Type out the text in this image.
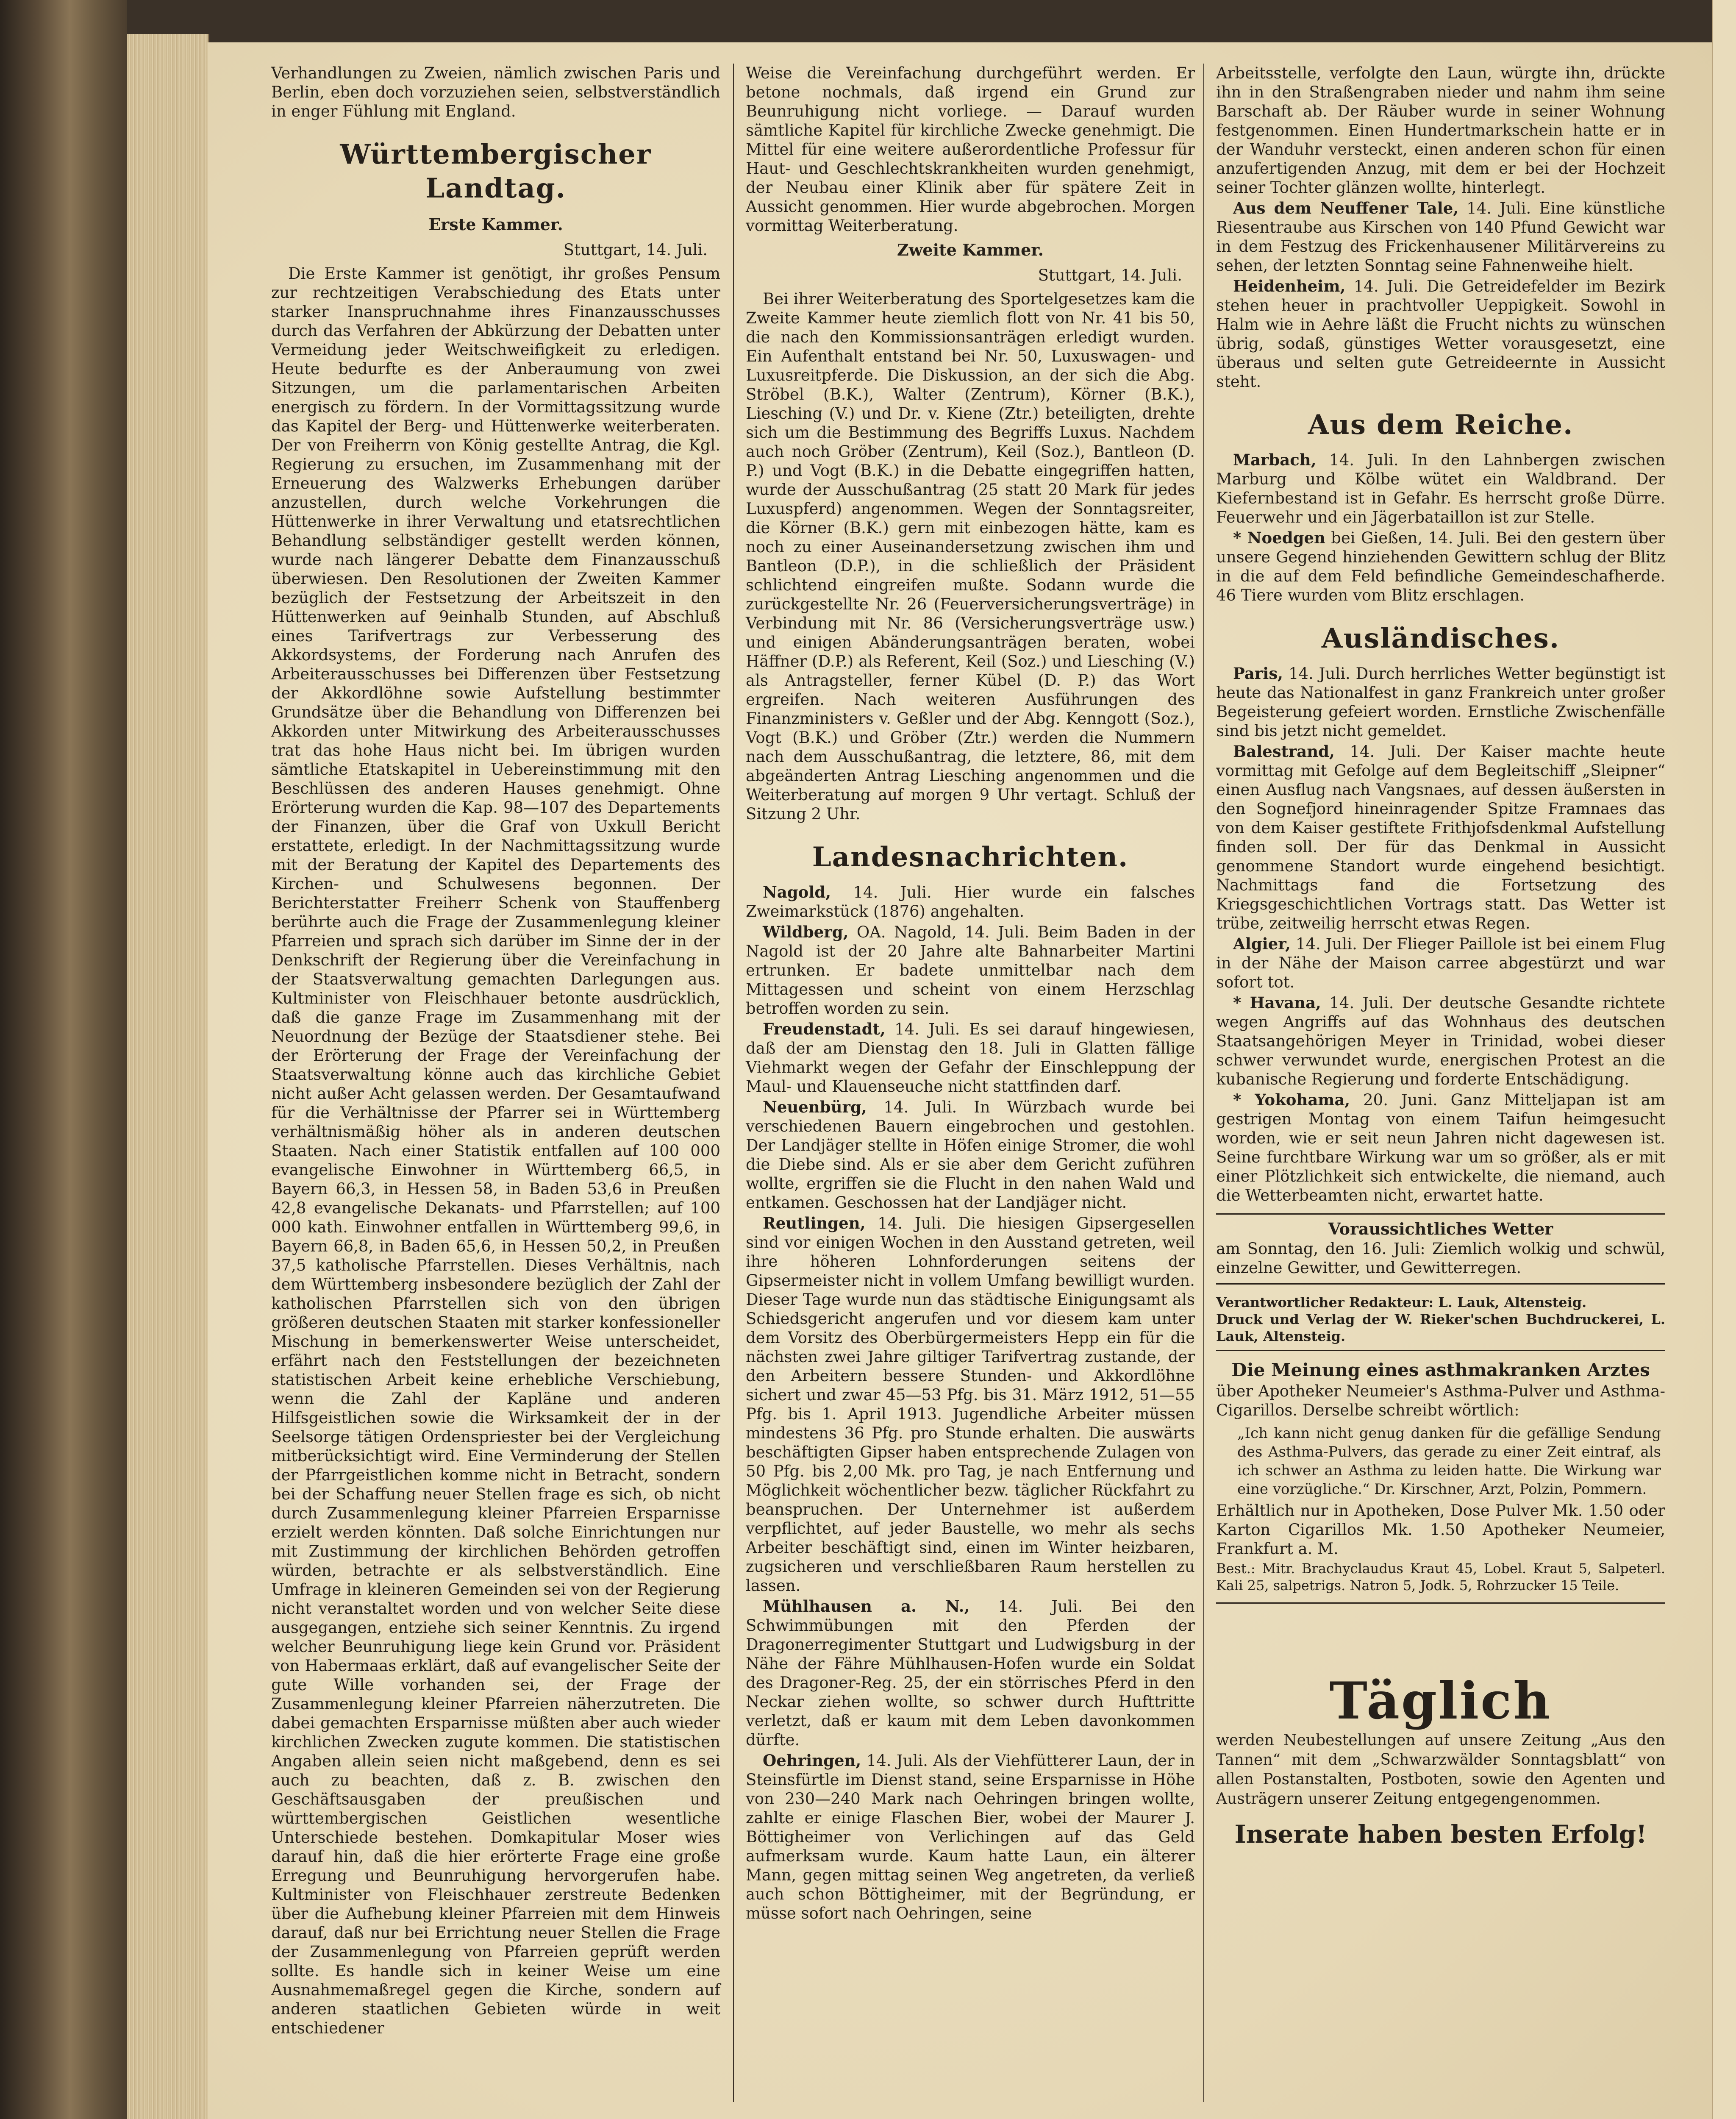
Verhandlungen zu Zweien, nämlich zwischen Paris und Berlin, eben doch vorzuziehen seien, selbstverständlich in enger Fühlung mit England.

Württembergischer Landtag.
Erste Kammer.
Stuttgart, 14. Juli.

Die Erste Kammer ist genötigt, ihr großes Pensum zur rechtzeitigen Verabschiedung des Etats unter starker Inanspruchnahme ihres Finanzausschusses durch das Verfahren der Abkürzung der Debatten unter Vermeidung jeder Weitschweifigkeit zu erledigen. Heute bedurfte es der Anberaumung von zwei Sitzungen, um die parlamentarischen Arbeiten energisch zu fördern. In der Vormittagssitzung wurde das Kapitel der Berg- und Hüttenwerke weiterberaten. Der von Freiherrn von König gestellte Antrag, die Kgl. Regierung zu ersuchen, im Zusammenhang mit der Erneuerung des Walzwerks Erhebungen darüber anzustellen, durch welche Vorkehrungen die Hüttenwerke in ihrer Verwaltung und etatsrechtlichen Behandlung selbständiger gestellt werden können, wurde nach längerer Debatte dem Finanzausschuß überwiesen. Den Resolutionen der Zweiten Kammer bezüglich der Festsetzung der Arbeitszeit in den Hüttenwerken auf 9einhalb Stunden, auf Abschluß eines Tarifvertrags zur Verbesserung des Akkordsystems, der Forderung nach Anrufen des Arbeiterausschusses bei Differenzen über Festsetzung der Akkordlöhne sowie Aufstellung bestimmter Grundsätze über die Behandlung von Differenzen bei Akkorden unter Mitwirkung des Arbeiterausschusses trat das hohe Haus nicht bei. Im übrigen wurden sämtliche Etatskapitel in Uebereinstimmung mit den Beschlüssen des anderen Hauses genehmigt. Ohne Erörterung wurden die Kap. 98—107 des Departements der Finanzen, über die Graf von Uxkull Bericht erstattete, erledigt. In der Nachmittagssitzung wurde mit der Beratung der Kapitel des Departements des Kirchen- und Schulwesens begonnen. Der Berichterstatter Freiherr Schenk von Stauffenberg berührte auch die Frage der Zusammenlegung kleiner Pfarreien und sprach sich darüber im Sinne der in der Denkschrift der Regierung über die Vereinfachung in der Staatsverwaltung gemachten Darlegungen aus. Kultminister von Fleischhauer betonte ausdrücklich, daß die ganze Frage im Zusammenhang mit der Neuordnung der Bezüge der Staatsdiener stehe. Bei der Erörterung der Frage der Vereinfachung der Staatsverwaltung könne auch das kirchliche Gebiet nicht außer Acht gelassen werden. Der Gesamtaufwand für die Verhältnisse der Pfarrer sei in Württemberg verhältnismäßig höher als in anderen deutschen Staaten. Nach einer Statistik entfallen auf 100 000 evangelische Einwohner in Württemberg 66,5, in Bayern 66,3, in Hessen 58, in Baden 53,6 in Preußen 42,8 evangelische Dekanats- und Pfarrstellen; auf 100 000 kath. Einwohner entfallen in Württemberg 99,6, in Bayern 66,8, in Baden 65,6, in Hessen 50,2, in Preußen 37,5 katholische Pfarrstellen. Dieses Verhältnis, nach dem Württemberg insbesondere bezüglich der Zahl der katholischen Pfarrstellen sich von den übrigen größeren deutschen Staaten mit starker konfessioneller Mischung in bemerkenswerter Weise unterscheidet, erfährt nach den Feststellungen der bezeichneten statistischen Arbeit keine erhebliche Verschiebung, wenn die Zahl der Kapläne und anderen Hilfsgeistlichen sowie die Wirksamkeit der in der Seelsorge tätigen Ordenspriester bei der Vergleichung mitberücksichtigt wird. Eine Verminderung der Stellen der Pfarrgeistlichen komme nicht in Betracht, sondern bei der Schaffung neuer Stellen frage es sich, ob nicht durch Zusammenlegung kleiner Pfarreien Ersparnisse erzielt werden könnten. Daß solche Einrichtungen nur mit Zustimmung der kirchlichen Behörden getroffen würden, betrachte er als selbstverständlich. Eine Umfrage in kleineren Gemeinden sei von der Regierung nicht veranstaltet worden und von welcher Seite diese ausgegangen, entziehe sich seiner Kenntnis. Zu irgend welcher Beunruhigung liege kein Grund vor. Präsident von Habermaas erklärt, daß auf evangelischer Seite der gute Wille vorhanden sei, der Frage der Zusammenlegung kleiner Pfarreien näherzutreten. Die dabei gemachten Ersparnisse müßten aber auch wieder kirchlichen Zwecken zugute kommen. Die statistischen Angaben allein seien nicht maßgebend, denn es sei auch zu beachten, daß z. B. zwischen den Geschäftsausgaben der preußischen und württembergischen Geistlichen wesentliche Unterschiede bestehen. Domkapitular Moser wies darauf hin, daß die hier erörterte Frage eine große Erregung und Beunruhigung hervorgerufen habe. Kultminister von Fleischhauer zerstreute Bedenken über die Aufhebung kleiner Pfarreien mit dem Hinweis darauf, daß nur bei Errichtung neuer Stellen die Frage der Zusammenlegung von Pfarreien geprüft werden sollte. Es handle sich in keiner Weise um eine Ausnahmemaßregel gegen die Kirche, sondern auf anderen staatlichen Gebieten würde in weit entschiedener

Weise die Vereinfachung durchgeführt werden. Er betone nochmals, daß irgend ein Grund zur Beunruhigung nicht vorliege. — Darauf wurden sämtliche Kapitel für kirchliche Zwecke genehmigt. Die Mittel für eine weitere außerordentliche Professur für Haut- und Geschlechtskrankheiten wurden genehmigt, der Neubau einer Klinik aber für spätere Zeit in Aussicht genommen. Hier wurde abgebrochen. Morgen vormittag Weiterberatung.

Zweite Kammer.
Stuttgart, 14. Juli.

Bei ihrer Weiterberatung des Sportelgesetzes kam die Zweite Kammer heute ziemlich flott von Nr. 41 bis 50, die nach den Kommissionsanträgen erledigt wurden. Ein Aufenthalt entstand bei Nr. 50, Luxuswagen- und Luxusreitpferde. Die Diskussion, an der sich die Abg. Ströbel (B.K.), Walter (Zentrum), Körner (B.K.), Liesching (V.) und Dr. v. Kiene (Ztr.) beteiligten, drehte sich um die Bestimmung des Begriffs Luxus. Nachdem auch noch Gröber (Zentrum), Keil (Soz.), Bantleon (D. P.) und Vogt (B.K.) in die Debatte eingegriffen hatten, wurde der Ausschußantrag (25 statt 20 Mark für jedes Luxuspferd) angenommen. Wegen der Sonntagsreiter, die Körner (B.K.) gern mit einbezogen hätte, kam es noch zu einer Auseinandersetzung zwischen ihm und Bantleon (D.P.), in die schließlich der Präsident schlichtend eingreifen mußte. Sodann wurde die zurückgestellte Nr. 26 (Feuerversicherungsverträge) in Verbindung mit Nr. 86 (Versicherungsverträge usw.) und einigen Abänderungsanträgen beraten, wobei Häffner (D.P.) als Referent, Keil (Soz.) und Liesching (V.) als Antragsteller, ferner Kübel (D. P.) das Wort ergreifen. Nach weiteren Ausführungen des Finanzministers v. Geßler und der Abg. Kenngott (Soz.), Vogt (B.K.) und Gröber (Ztr.) werden die Nummern nach dem Ausschußantrag, die letztere, 86, mit dem abgeänderten Antrag Liesching angenommen und die Weiterberatung auf morgen 9 Uhr vertagt. Schluß der Sitzung 2 Uhr.

Landesnachrichten.

Nagold, 14. Juli. Hier wurde ein falsches Zweimarkstück (1876) angehalten.

Wildberg, OA. Nagold, 14. Juli. Beim Baden in der Nagold ist der 20 Jahre alte Bahnarbeiter Martini ertrunken. Er badete unmittelbar nach dem Mittagessen und scheint von einem Herzschlag betroffen worden zu sein.

Freudenstadt, 14. Juli. Es sei darauf hingewiesen, daß der am Dienstag den 18. Juli in Glatten fällige Viehmarkt wegen der Gefahr der Einschleppung der Maul- und Klauenseuche nicht stattfinden darf.

Neuenbürg, 14. Juli. In Würzbach wurde bei verschiedenen Bauern eingebrochen und gestohlen. Der Landjäger stellte in Höfen einige Stromer, die wohl die Diebe sind. Als er sie aber dem Gericht zuführen wollte, ergriffen sie die Flucht in den nahen Wald und entkamen. Geschossen hat der Landjäger nicht.

Reutlingen, 14. Juli. Die hiesigen Gipsergesellen sind vor einigen Wochen in den Ausstand getreten, weil ihre höheren Lohnforderungen seitens der Gipsermeister nicht in vollem Umfang bewilligt wurden. Dieser Tage wurde nun das städtische Einigungsamt als Schiedsgericht angerufen und vor diesem kam unter dem Vorsitz des Oberbürgermeisters Hepp ein für die nächsten zwei Jahre giltiger Tarifvertrag zustande, der den Arbeitern bessere Stunden- und Akkordlöhne sichert und zwar 45—53 Pfg. bis 31. März 1912, 51—55 Pfg. bis 1. April 1913. Jugendliche Arbeiter müssen mindestens 36 Pfg. pro Stunde erhalten. Die auswärts beschäftigten Gipser haben entsprechende Zulagen von 50 Pfg. bis 2,00 Mk. pro Tag, je nach Entfernung und Möglichkeit wöchentlicher bezw. täglicher Rückfahrt zu beanspruchen. Der Unternehmer ist außerdem verpflichtet, auf jeder Baustelle, wo mehr als sechs Arbeiter beschäftigt sind, einen im Winter heizbaren, zugsicheren und verschließbaren Raum herstellen zu lassen.

Mühlhausen a. N., 14. Juli. Bei den Schwimmübungen mit den Pferden der Dragonerregimenter Stuttgart und Ludwigsburg in der Nähe der Fähre Mühlhausen-Hofen wurde ein Soldat des Dragoner-Reg. 25, der ein störrisches Pferd in den Neckar ziehen wollte, so schwer durch Hufttritte verletzt, daß er kaum mit dem Leben davonkommen dürfte.

Oehringen, 14. Juli. Als der Viehfütterer Laun, der in Steinsfürtle im Dienst stand, seine Ersparnisse in Höhe von 230—240 Mark nach Oehringen bringen wollte, zahlte er einige Flaschen Bier, wobei der Maurer J. Böttigheimer von Verlichingen auf das Geld aufmerksam wurde. Kaum hatte Laun, ein älterer Mann, gegen mittag seinen Weg angetreten, da verließ auch schon Böttigheimer, mit der Begründung, er müsse sofort nach Oehringen, seine

Arbeitsstelle, verfolgte den Laun, würgte ihn, drückte ihn in den Straßengraben nieder und nahm ihm seine Barschaft ab. Der Räuber wurde in seiner Wohnung festgenommen. Einen Hundertmarkschein hatte er in der Wanduhr versteckt, einen anderen schon für einen anzufertigenden Anzug, mit dem er bei der Hochzeit seiner Tochter glänzen wollte, hinterlegt.

Aus dem Neuffener Tale, 14. Juli. Eine künstliche Riesentraube aus Kirschen von 140 Pfund Gewicht war in dem Festzug des Frickenhausener Militärvereins zu sehen, der letzten Sonntag seine Fahnenweihe hielt.

Heidenheim, 14. Juli. Die Getreidefelder im Bezirk stehen heuer in prachtvoller Ueppigkeit. Sowohl in Halm wie in Aehre läßt die Frucht nichts zu wünschen übrig, sodaß, günstiges Wetter vorausgesetzt, eine überaus und selten gute Getreideernte in Aussicht steht.

Aus dem Reiche.

Marbach, 14. Juli. In den Lahnbergen zwischen Marburg und Kölbe wütet ein Waldbrand. Der Kiefernbestand ist in Gefahr. Es herrscht große Dürre. Feuerwehr und ein Jägerbataillon ist zur Stelle.

* Noedgen bei Gießen, 14. Juli. Bei den gestern über unsere Gegend hinziehenden Gewittern schlug der Blitz in die auf dem Feld befindliche Gemeindeschafherde. 46 Tiere wurden vom Blitz erschlagen.

Ausländisches.

Paris, 14. Juli. Durch herrliches Wetter begünstigt ist heute das Nationalfest in ganz Frankreich unter großer Begeisterung gefeiert worden. Ernstliche Zwischenfälle sind bis jetzt nicht gemeldet.

Balestrand, 14. Juli. Der Kaiser machte heute vormittag mit Gefolge auf dem Begleitschiff „Sleipner“ einen Ausflug nach Vangsnaes, auf dessen äußersten in den Sognefjord hineinragender Spitze Framnaes das von dem Kaiser gestiftete Frithjofsdenkmal Aufstellung finden soll. Der für das Denkmal in Aussicht genommene Standort wurde eingehend besichtigt. Nachmittags fand die Fortsetzung des Kriegsgeschichtlichen Vortrags statt. Das Wetter ist trübe, zeitweilig herrscht etwas Regen.

Algier, 14. Juli. Der Flieger Paillole ist bei einem Flug in der Nähe der Maison carree abgestürzt und war sofort tot.

* Havana, 14. Juli. Der deutsche Gesandte richtete wegen Angriffs auf das Wohnhaus des deutschen Staatsangehörigen Meyer in Trinidad, wobei dieser schwer verwundet wurde, energischen Protest an die kubanische Regierung und forderte Entschädigung.

* Yokohama, 20. Juni. Ganz Mitteljapan ist am gestrigen Montag von einem Taifun heimgesucht worden, wie er seit neun Jahren nicht dagewesen ist. Seine furchtbare Wirkung war um so größer, als er mit einer Plötzlichkeit sich entwickelte, die niemand, auch die Wetterbeamten nicht, erwartet hatte.

Voraussichtliches Wetter

am Sonntag, den 16. Juli: Ziemlich wolkig und schwül, einzelne Gewitter, und Gewitterregen.

Verantwortlicher Redakteur: L. Lauk, Altensteig.
Druck und Verlag der W. Rieker'schen Buchdruckerei, L. Lauk, Altensteig.
Die Meinung eines asthmakranken Arztes

über Apotheker Neumeier's Asthma-Pulver und Asthma-Cigarillos. Derselbe schreibt wörtlich:

„Ich kann nicht genug danken für die gefällige Sendung des Asthma-Pulvers, das gerade zu einer Zeit eintraf, als ich schwer an Asthma zu leiden hatte. Die Wirkung war eine vorzügliche.“ Dr. Kirschner, Arzt, Polzin, Pommern.

Erhältlich nur in Apotheken, Dose Pulver Mk. 1.50 oder Karton Cigarillos Mk. 1.50 Apotheker Neumeier, Frankfurt a. M.

Best.: Mitr. Brachyclaudus Kraut 45, Lobel. Kraut 5, Salpeterl. Kali 25, salpetrigs. Natron 5, Jodk. 5, Rohrzucker 15 Teile.

Täglich
werden Neubestellungen auf unsere Zeitung „Aus den Tannen“ mit dem „Schwarzwälder Sonntagsblatt“ von allen Postanstalten, Postboten, sowie den Agenten und Austrägern unserer Zeitung entgegengenommen.
Inserate haben besten Erfolg!
